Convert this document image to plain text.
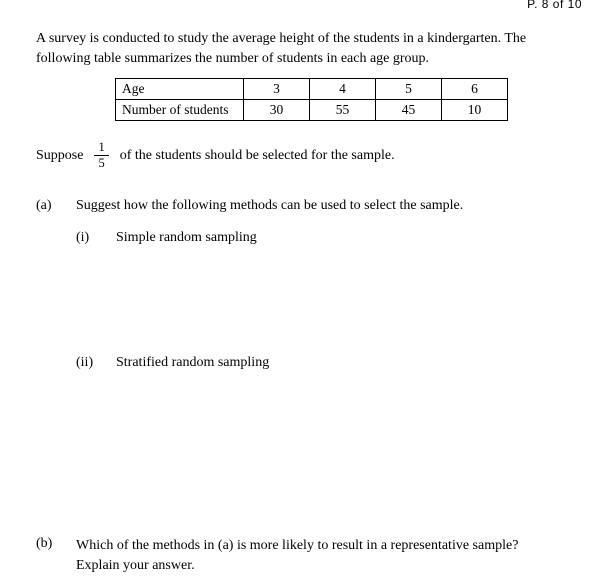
P. 8 of 10

A survey is conducted to study the average height of the students in a kindergarten. The following table summarizes the number of students in each age group.

Age	3	4	5	6
Number of students	30	55	45	10
Suppose $\frac{1}{5}$ of the students should be selected for the sample.
(a)	Suggest how the following methods can be used to select the sample.
(i)	Simple random sampling
(ii)	Stratified random sampling
(b)	Which of the methods in (a) is more likely to result in a representative sample? Explain your answer.
